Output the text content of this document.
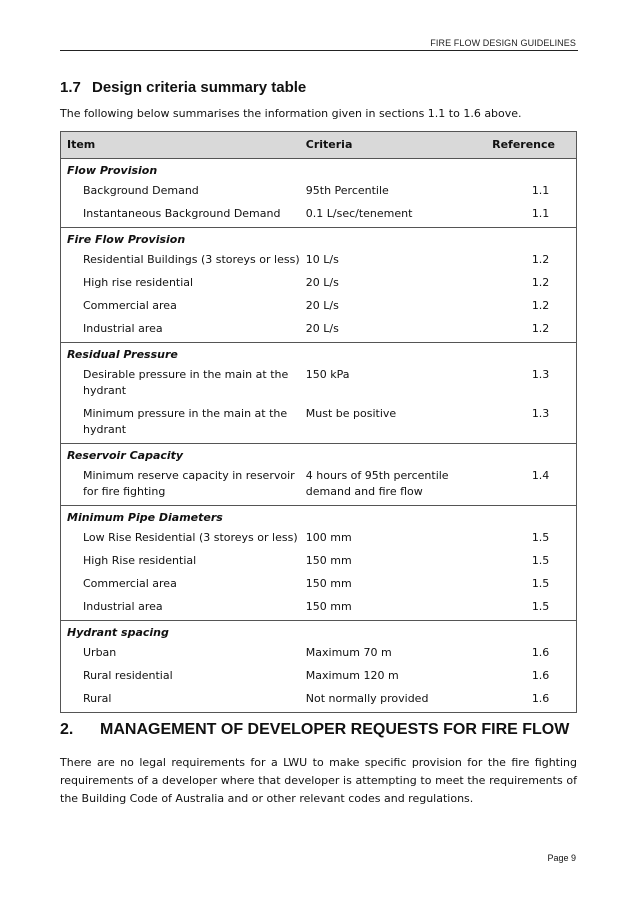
FIRE FLOW DESIGN GUIDELINES
1.7 Design criteria summary table
The following below summarises the information given in sections 1.1 to 1.6 above.
Item	Criteria	Reference
Flow Provision		
Background Demand	95th Percentile	1.1
Instantaneous Background Demand	0.1 L/sec/tenement	1.1
Fire Flow Provision		
Residential Buildings (3 storeys or less)	10 L/s	1.2
High rise residential	20 L/s	1.2
Commercial area	20 L/s	1.2
Industrial area	20 L/s	1.2
Residual Pressure		
Desirable pressure in the main at the hydrant	150 kPa	1.3
Minimum pressure in the main at the hydrant	Must be positive	1.3
Reservoir Capacity		
Minimum reserve capacity in reservoir for fire fighting	4 hours of 95th percentile demand and fire flow	1.4
Minimum Pipe Diameters		
Low Rise Residential (3 storeys or less)	100 mm	1.5
High Rise residential	150 mm	1.5
Commercial area	150 mm	1.5
Industrial area	150 mm	1.5
Hydrant spacing		
Urban	Maximum 70 m	1.6
Rural residential	Maximum 120 m	1.6
Rural	Not normally provided	1.6
2. MANAGEMENT OF DEVELOPER REQUESTS FOR FIRE FLOW
There are no legal requirements for a LWU to make specific provision for the fire fighting requirements of a developer where that developer is attempting to meet the requirements of the Building Code of Australia and or other relevant codes and regulations.
Page 9
